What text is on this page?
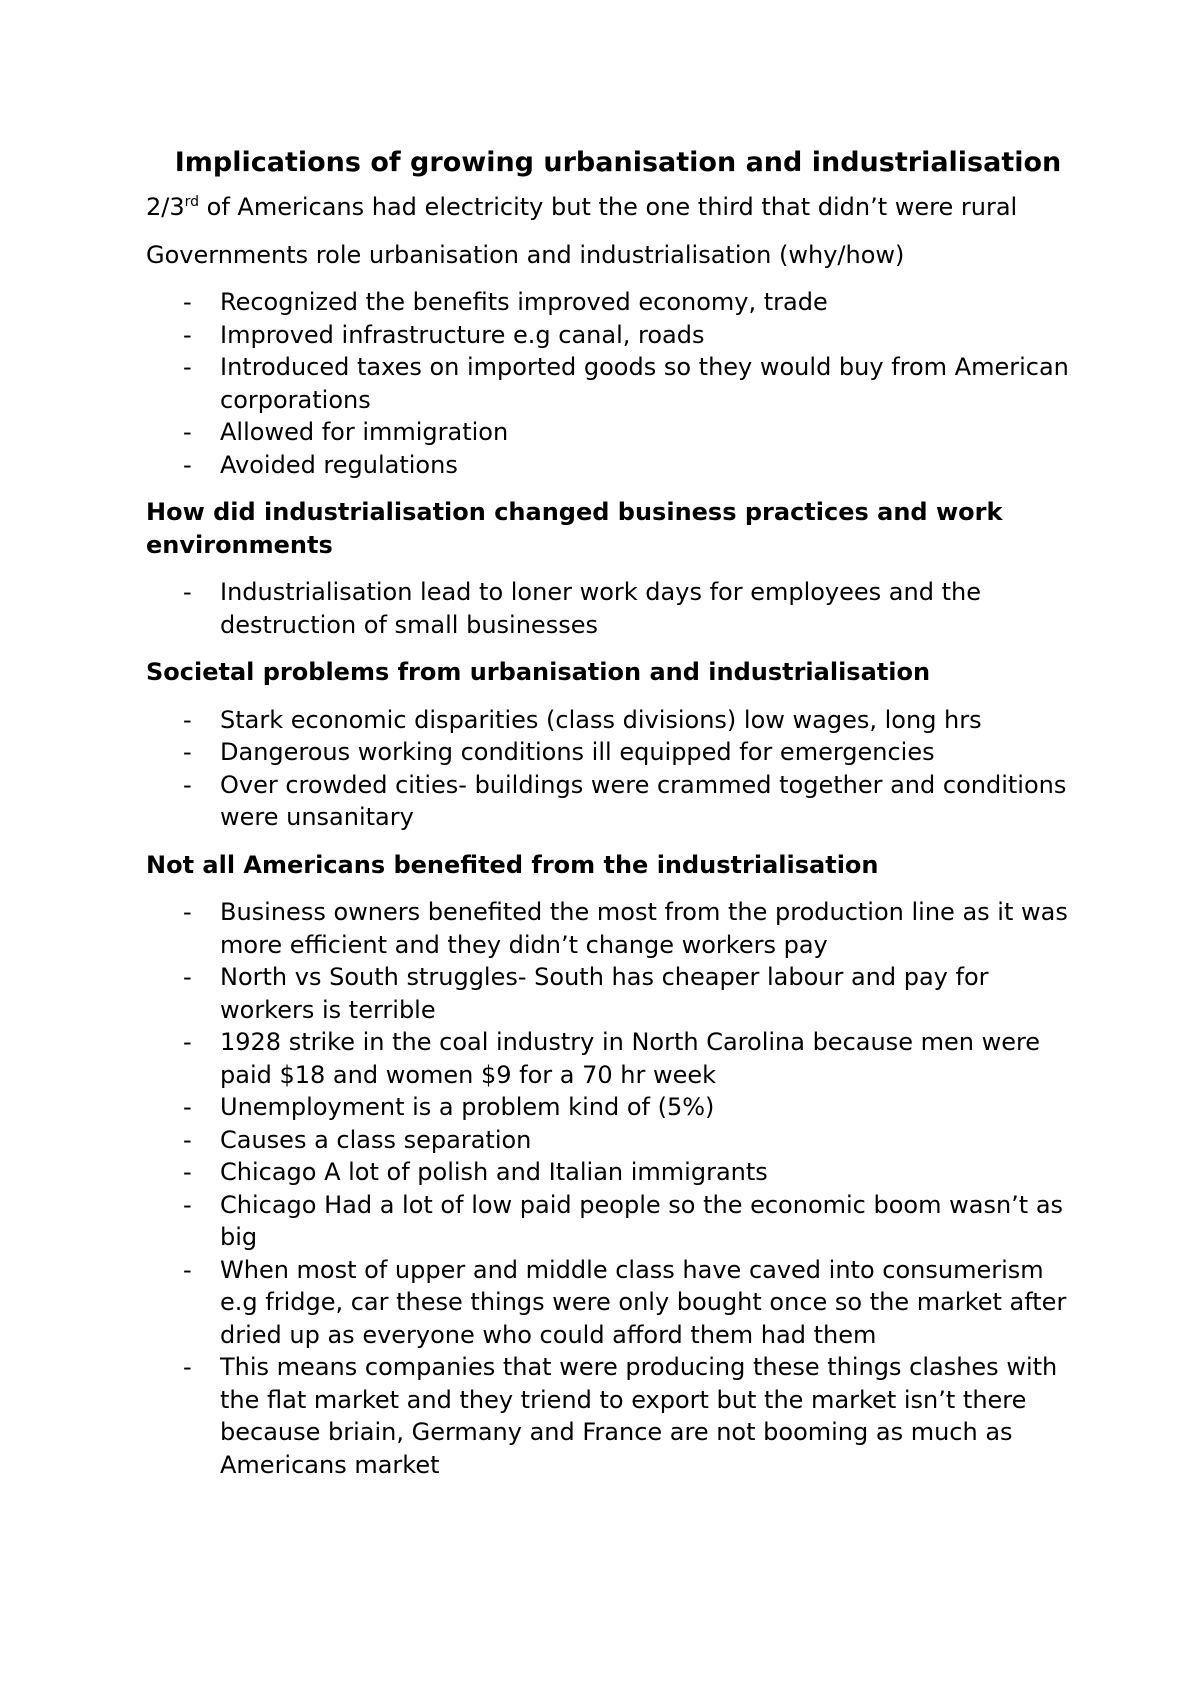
Implications of growing urbanisation and industrialisation
2/3rd of Americans had electricity but the one third that didn’t were rural
Governments role urbanisation and industrialisation (why/how)
- Recognized the benefits improved economy, trade
- Improved infrastructure e.g canal, roads
- Introduced taxes on imported goods so they would buy from American corporations
- Allowed for immigration
- Avoided regulations
How did industrialisation changed business practices and work environments
- Industrialisation lead to loner work days for employees and the destruction of small businesses
Societal problems from urbanisation and industrialisation
- Stark economic disparities (class divisions) low wages, long hrs
- Dangerous working conditions ill equipped for emergencies
- Over crowded cities- buildings were crammed together and conditions were unsanitary
Not all Americans benefited from the industrialisation
- Business owners benefited the most from the production line as it was more efficient and they didn’t change workers pay
- North vs South struggles- South has cheaper labour and pay for workers is terrible
- 1928 strike in the coal industry in North Carolina because men were paid $18 and women $9 for a 70 hr week
- Unemployment is a problem kind of (5%)
- Causes a class separation
- Chicago A lot of polish and Italian immigrants
- Chicago Had a lot of low paid people so the economic boom wasn’t as big
- When most of upper and middle class have caved into consumerism e.g fridge, car these things were only bought once so the market after dried up as everyone who could afford them had them
- This means companies that were producing these things clashes with the flat market and they triend to export but the market isn’t there because briain, Germany and France are not booming as much as Americans market
